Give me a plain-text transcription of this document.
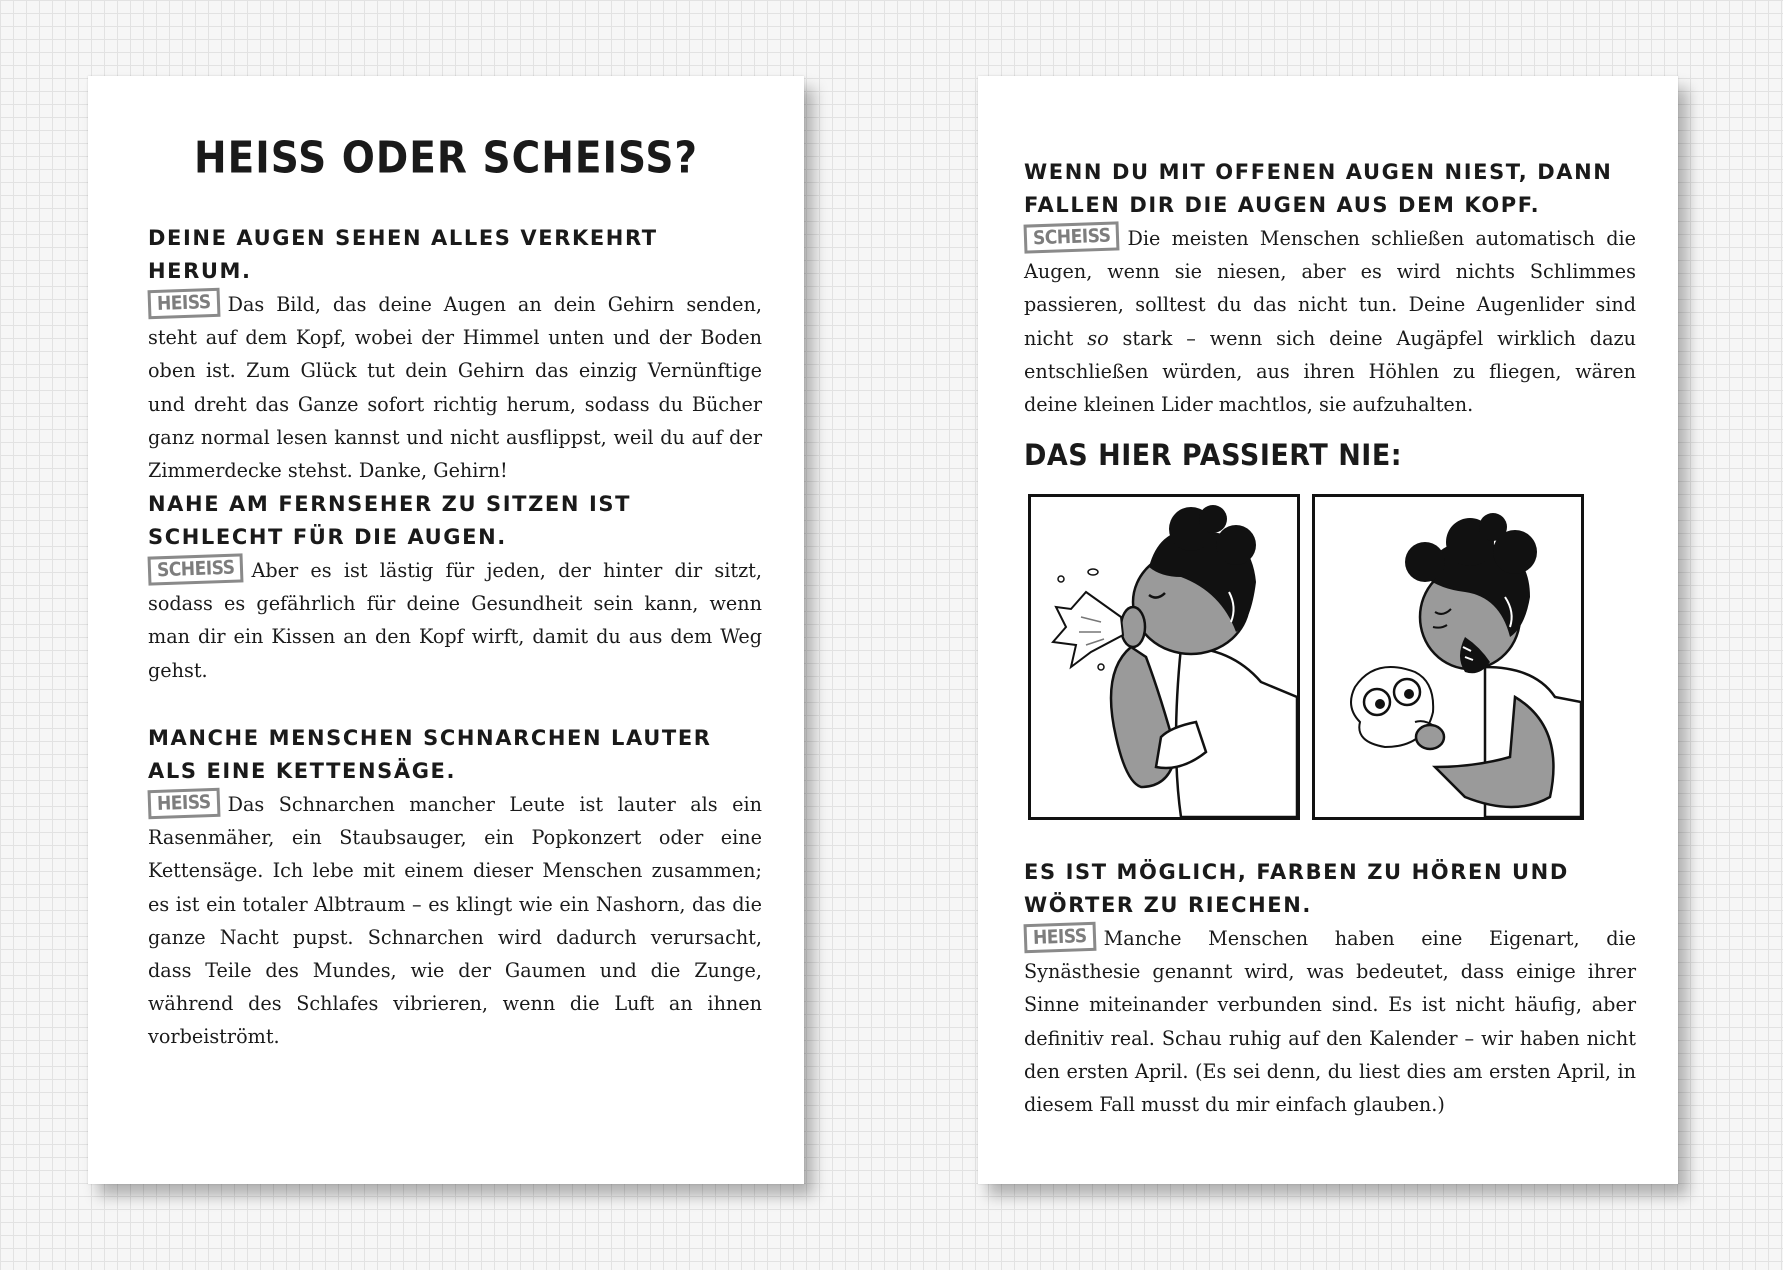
HEISS ODER SCHEISS?
DEINE AUGEN SEHEN ALLES VERKEHRT HERUM.

HEISS Das Bild, das deine Augen an dein Gehirn senden, steht auf dem Kopf, wobei der Himmel unten und der Boden oben ist. Zum Glück tut dein Gehirn das einzig Vernünftige und dreht das Ganze sofort richtig herum, sodass du Bücher ganz normal lesen kannst und nicht ausflippst, weil du auf der Zimmerdecke stehst. Danke, Gehirn!

NAHE AM FERNSEHER ZU SITZEN IST SCHLECHT FÜR DIE AUGEN.

SCHEISS Aber es ist lästig für jeden, der hinter dir sitzt, sodass es gefährlich für deine Gesundheit sein kann, wenn man dir ein Kissen an den Kopf wirft, damit du aus dem Weg gehst.

MANCHE MENSCHEN SCHNARCHEN LAUTER ALS EINE KETTENSÄGE.

HEISS Das Schnarchen mancher Leute ist lauter als ein Rasenmäher, ein Staubsauger, ein Popkonzert oder eine Kettensäge. Ich lebe mit einem dieser Menschen zusammen; es ist ein totaler Albtraum – es klingt wie ein Nashorn, das die ganze Nacht pupst. Schnarchen wird dadurch verursacht, dass Teile des Mundes, wie der Gaumen und die Zunge, während des Schlafes vibrieren, wenn die Luft an ihnen vorbeiströmt.

WENN DU MIT OFFENEN AUGEN NIEST, DANN FALLEN DIR DIE AUGEN AUS DEM KOPF.

SCHEISS Die meisten Menschen schließen automatisch die Augen, wenn sie niesen, aber es wird nichts Schlimmes passieren, solltest du das nicht tun. Deine Augenlider sind nicht so stark – wenn sich deine Augäpfel wirklich dazu entschließen würden, aus ihren Höhlen zu fliegen, wären deine kleinen Lider machtlos, sie aufzuhalten.

DAS HIER PASSIERT NIE:
ES IST MÖGLICH, FARBEN ZU HÖREN UND WÖRTER ZU RIECHEN.

HEISS Manche Menschen haben eine Eigenart, die Synästhesie genannt wird, was bedeutet, dass einige ihrer Sinne miteinander verbunden sind. Es ist nicht häufig, aber definitiv real. Schau ruhig auf den Kalender – wir haben nicht den ersten April. (Es sei denn, du liest dies am ersten April, in diesem Fall musst du mir einfach glauben.)
